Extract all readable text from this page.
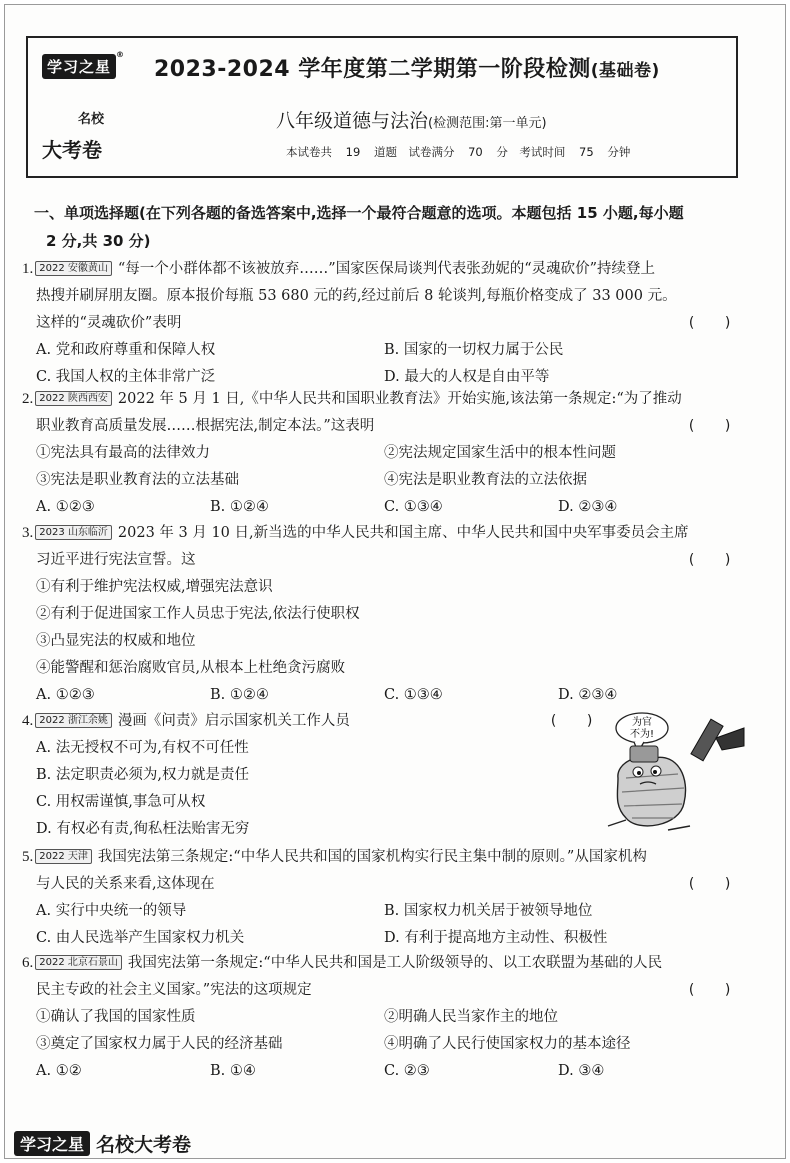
学习之星
®
名校
大考卷
2023-2024 学年度第二学期第一阶段检测(基础卷)
八年级道德与法治(检测范围:第一单元)
本试卷共 19 道题　试卷满分 70 分　考试时间 75 分钟
一、单项选择题(在下列各题的备选答案中,选择一个最符合题意的选项。本题包括 15 小题,每小题
2 分,共 30 分)
1. 2022 安徽黄山 “每一个小群体都不该被放弃……”国家医保局谈判代表张劲妮的“灵魂砍价”持续登上
热搜并刷屏朋友圈。原本报价每瓶 53 680 元的药,经过前后 8 轮谈判,每瓶价格变成了 33 000 元。
这样的“灵魂砍价”表明	(　　)
A. 党和政府尊重和保障人权	B. 国家的一切权力属于公民
C. 我国人权的主体非常广泛	D. 最大的人权是自由平等
2. 2022 陕西西安 2022 年 5 月 1 日,《中华人民共和国职业教育法》开始实施,该法第一条规定:“为了推动
职业教育高质量发展……根据宪法,制定本法。”这表明	(　　)
①宪法具有最高的法律效力	②宪法规定国家生活中的根本性问题
③宪法是职业教育法的立法基础	④宪法是职业教育法的立法依据
A. ①②③	B. ①②④	C. ①③④	D. ②③④
3. 2023 山东临沂 2023 年 3 月 10 日,新当选的中华人民共和国主席、中华人民共和国中央军事委员会主席
习近平进行宪法宣誓。这	(　　)
①有利于维护宪法权威,增强宪法意识
②有利于促进国家工作人员忠于宪法,依法行使职权
③凸显宪法的权威和地位
④能警醒和惩治腐败官员,从根本上杜绝贪污腐败
A. ①②③	B. ①②④	C. ①③④	D. ②③④
4. 2022 浙江余姚 漫画《问责》启示国家机关工作人员	(　　)
A. 法无授权不可为,有权不可任性
B. 法定职责必须为,权力就是责任
C. 用权需谨慎,事急可从权
D. 有权必有责,徇私枉法贻害无穷
为官
不为!
5. 2022 天津 我国宪法第三条规定:“中华人民共和国的国家机构实行民主集中制的原则。”从国家机构
与人民的关系来看,这体现在	(　　)
A. 实行中央统一的领导	B. 国家权力机关居于被领导地位
C. 由人民选举产生国家权力机关	D. 有利于提高地方主动性、积极性
6. 2022 北京石景山 我国宪法第一条规定:“中华人民共和国是工人阶级领导的、以工农联盟为基础的人民
民主专政的社会主义国家。”宪法的这项规定	(　　)
①确认了我国的国家性质	②明确人民当家作主的地位
③奠定了国家权力属于人民的经济基础	④明确了人民行使国家权力的基本途径
A. ①②	B. ①④	C. ②③	D. ③④
学习之星 名校大考卷
